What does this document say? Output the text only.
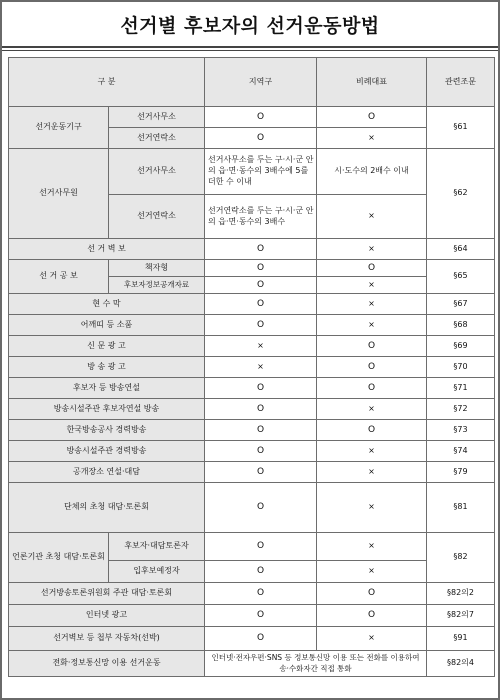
선거별 후보자의 선거운동방법
구 분		지역구	비례대표	관련조문
선거운동기구	선거사무소	O	O	§61
	선거연락소	O	×	
선거사무원	선거사무소	선거사무소를 두는 구·시·군 안의 읍·면·동수의 3배수에 5를 더한 수 이내	시·도수의 2배수 이내	§62
	선거연락소	선거연락소를 두는 구·시·군 안의 읍·면·동수의 3배수	×	
선 거 벽 보		O	×	§64
선 거 공 보	책자형	O	O	§65
	후보자정보공개자료	O	×	
현 수 막		O	×	§67
어깨띠 등 소품		O	×	§68
신 문 광 고		×	O	§69
방 송 광 고		×	O	§70
후보자 등 방송연설		O	O	§71
방송시설주관 후보자연설 방송		O	×	§72
한국방송공사 경력방송		O	O	§73
방송시설주관 경력방송		O	×	§74
공개장소 연설·대담		O	×	§79
단체의 초청 대담·토론회		O	×	§81
언론기관 초청 대담·토론회	후보자·대담토론자	O	×	§82
	입후보예정자	O	×	
선거방송토론위원회 주관 대담·토론회		O	O	§82의2
인터넷 광고		O	O	§82의7
선거벽보 등 첩부 자동차(선박)		O	×	§91
전화·정보통신망 이용 선거운동		인터넷·전자우편·SNS 등 정보통신망 이용 또는 전화를 이용하여 송·수화자간 직접 통화		§82의4
